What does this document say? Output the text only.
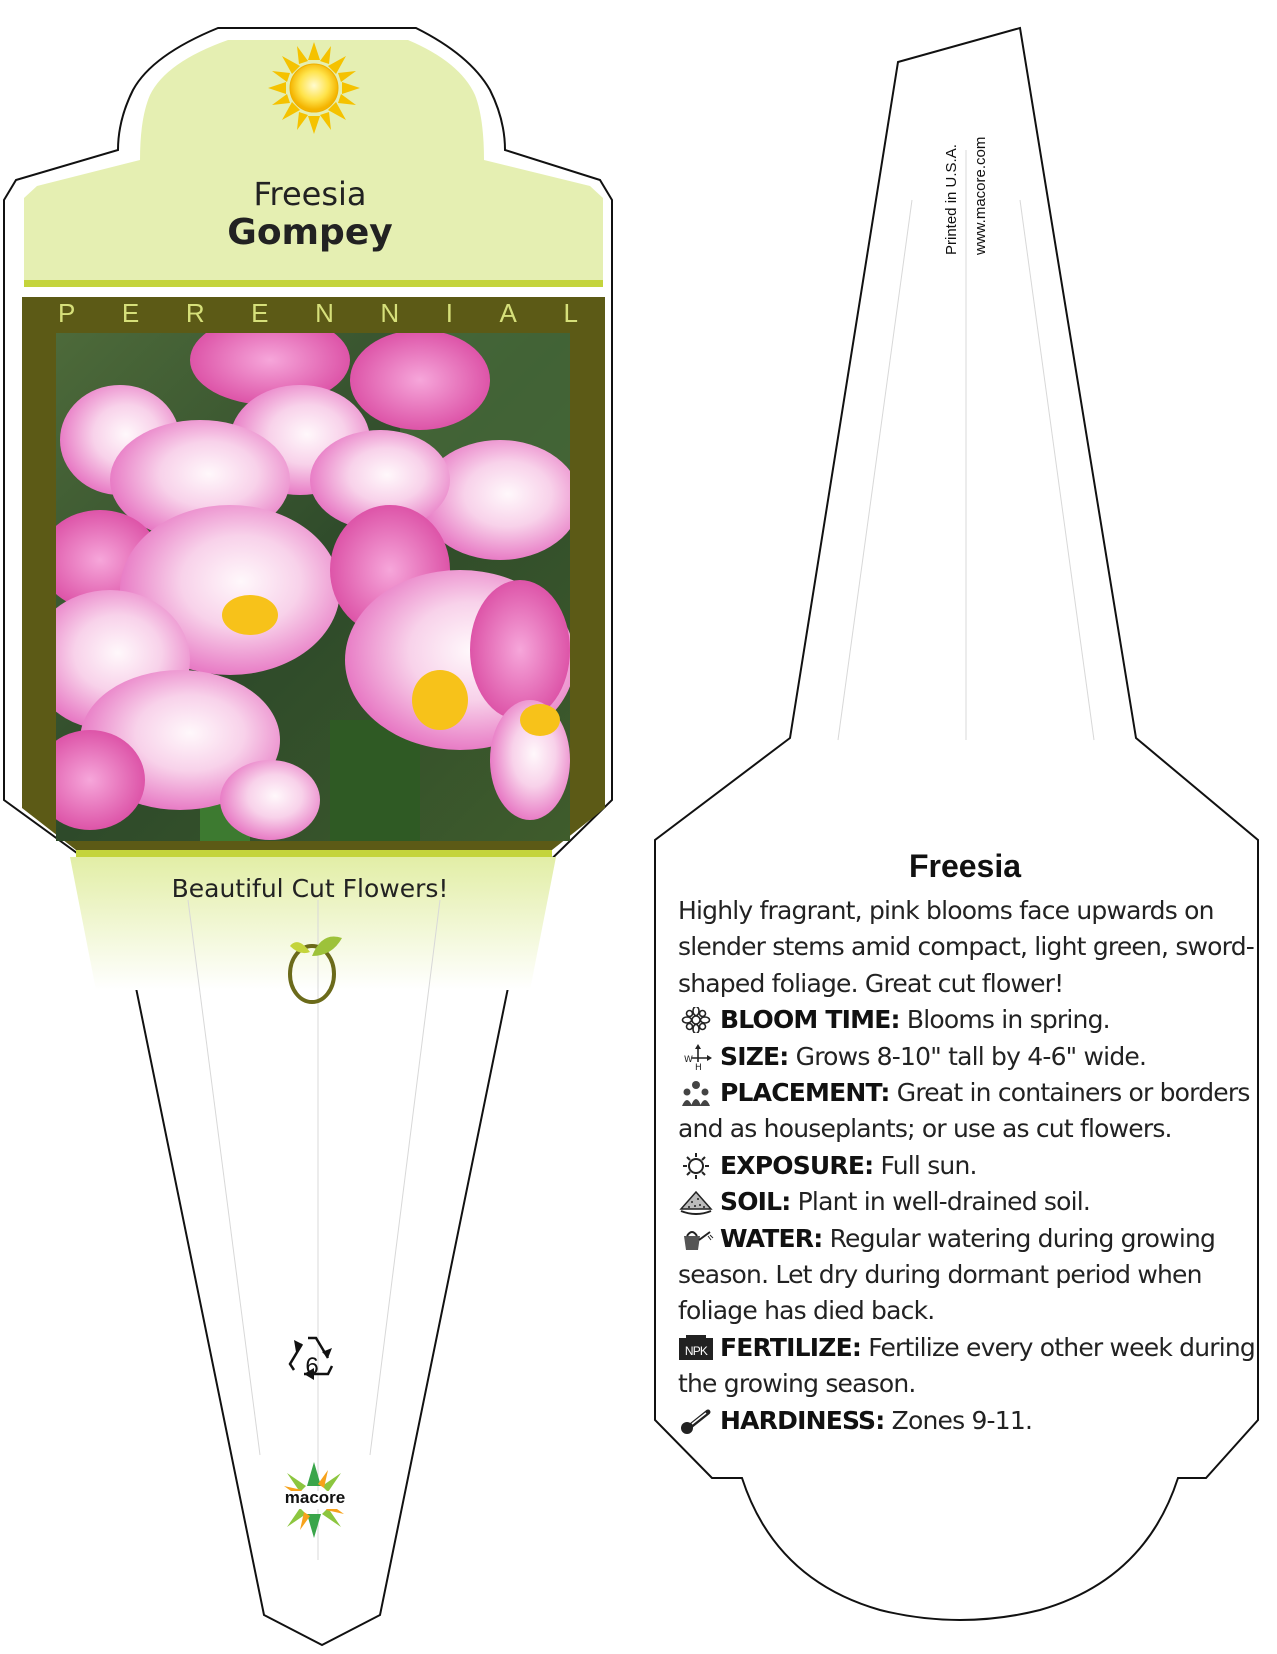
Freesia
Gompey
P E R E N N I A L
Beautiful Cut Flowers!
6
macore
Printed in U.S.A. www.macore.com
Freesia

Highly fragrant, pink blooms face upwards on slender stems amid compact, light green, sword-shaped foliage. Great cut flower!

BLOOM TIME: Blooms in spring.

W
H SIZE: Grows 8-10" tall by 4-6" wide.

PLACEMENT: Great in containers or borders and as houseplants; or use as cut flowers.

EXPOSURE: Full sun.

SOIL: Plant in well-drained soil.

WATER: Regular watering during growing season. Let dry during dormant period when foliage has died back.

NPK FERTILIZE: Fertilize every other week during the growing season.

HARDINESS: Zones 9-11.
